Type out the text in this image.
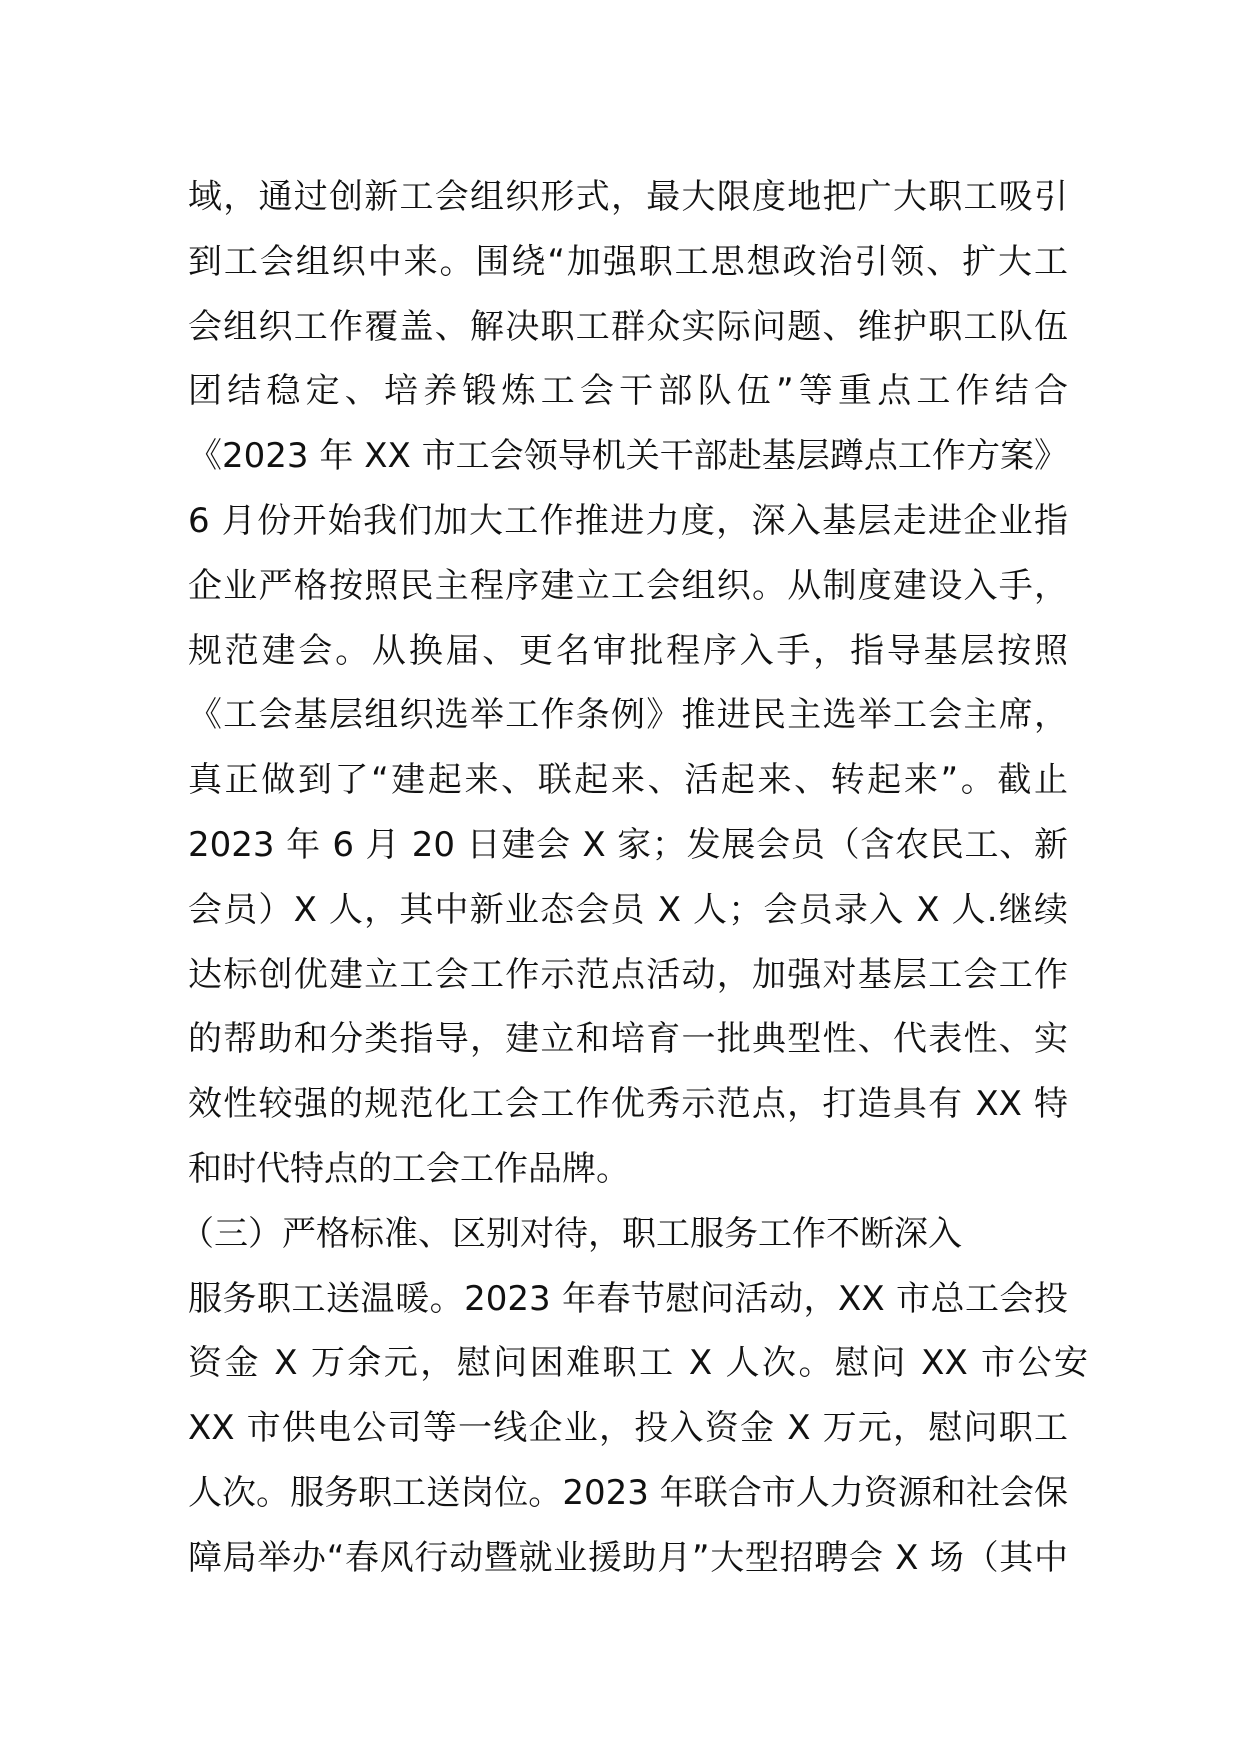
域，通过创新工会组织形式，最大限度地把广大职工吸引
到工会组织中来。围绕“加强职工思想政治引领、扩大工
会组织工作覆盖、解决职工群众实际问题、维护职工队伍
团结稳定、培养锻炼工会干部队伍”等重点工作结合
《2023 年 XX 市工会领导机关干部赴基层蹲点工作方案》
6 月份开始我们加大工作推进力度，深入基层走进企业指
企业严格按照民主程序建立工会组织。从制度建设入手，
规范建会。从换届、更名审批程序入手，指导基层按照
《工会基层组织选举工作条例》推进民主选举工会主席，
真正做到了“建起来、联起来、活起来、转起来”。截止
2023 年 6 月 20 日建会 X 家；发展会员（含农民工、新
会员）X 人，其中新业态会员 X 人；会员录入 X 人.继续
达标创优建立工会工作示范点活动，加强对基层工会工作
的帮助和分类指导，建立和培育一批典型性、代表性、实
效性较强的规范化工会工作优秀示范点，打造具有 XX 特
和时代特点的工会工作品牌。
（三）严格标准、区别对待，职工服务工作不断深入
服务职工送温暖。2023 年春节慰问活动，XX 市总工会投
资金 X 万余元，慰问困难职工 X 人次。慰问 XX 市公安
XX 市供电公司等一线企业，投入资金 X 万元，慰问职工
人次。服务职工送岗位。2023 年联合市人力资源和社会保
障局举办“春风行动暨就业援助月”大型招聘会 X 场（其中
